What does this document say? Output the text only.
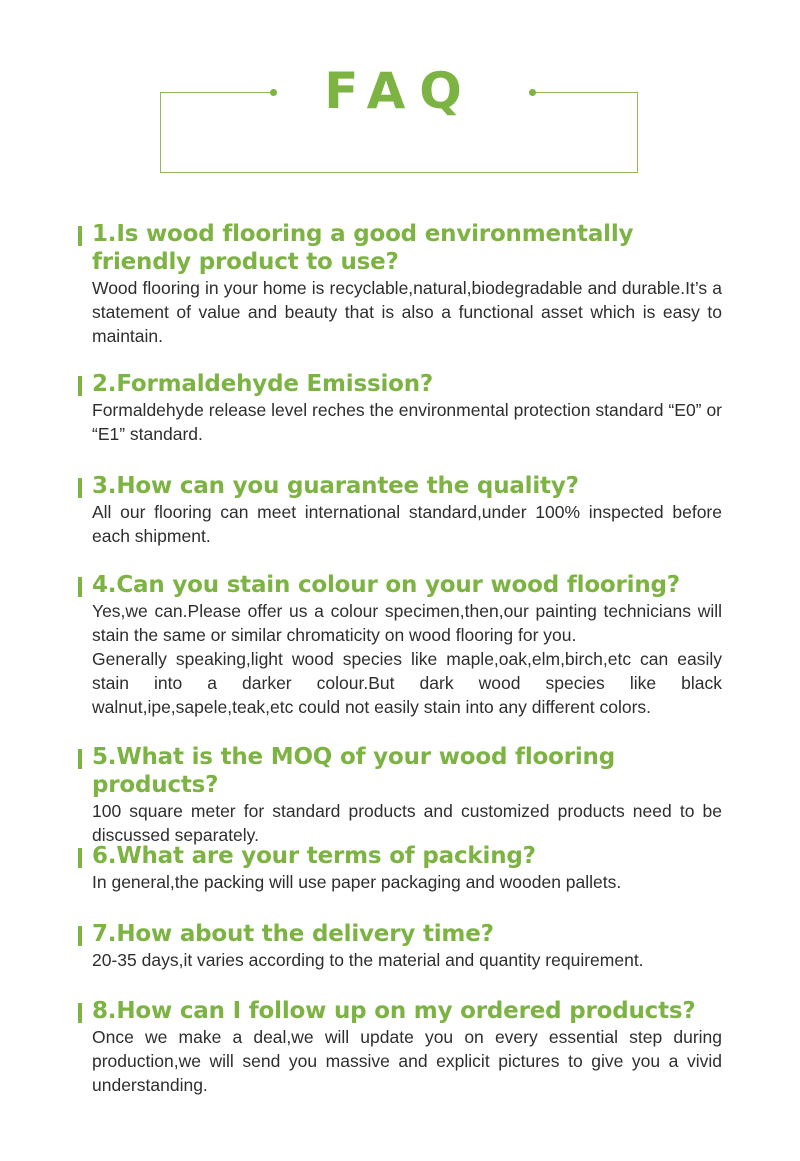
FAQ
1.Is wood flooring a good environmentally friendly product to use?
Wood flooring in your home is recyclable,natural,biodegradable and durable.It’s a statement of value and beauty that is also a functional asset which is easy to maintain.
2.Formaldehyde Emission?
Formaldehyde release level reches the environmental protection standard “E0” or “E1” standard.
3.How can you guarantee the quality?
All our flooring can meet international standard,under 100% inspected before each shipment.
4.Can you stain colour on your wood flooring?
Yes,we can.Please offer us a colour specimen,then,our painting technicians will stain the same or similar chromaticity on wood flooring for you.
Generally speaking,light wood species like maple,oak,elm,birch,etc can easily stain into a darker colour.But dark wood species like black walnut,ipe,sapele,teak,etc could not easily stain into any different colors.
5.What is the MOQ of your wood flooring products?
100 square meter for standard products and customized products need to be discussed separately.
6.What are your terms of packing?
In general,the packing will use paper packaging and wooden pallets.
7.How about the delivery time?
20-35 days,it varies according to the material and quantity requirement.
8.How can I follow up on my ordered products?
Once we make a deal,we will update you on every essential step during production,we will send you massive and explicit pictures to give you a vivid understanding.
